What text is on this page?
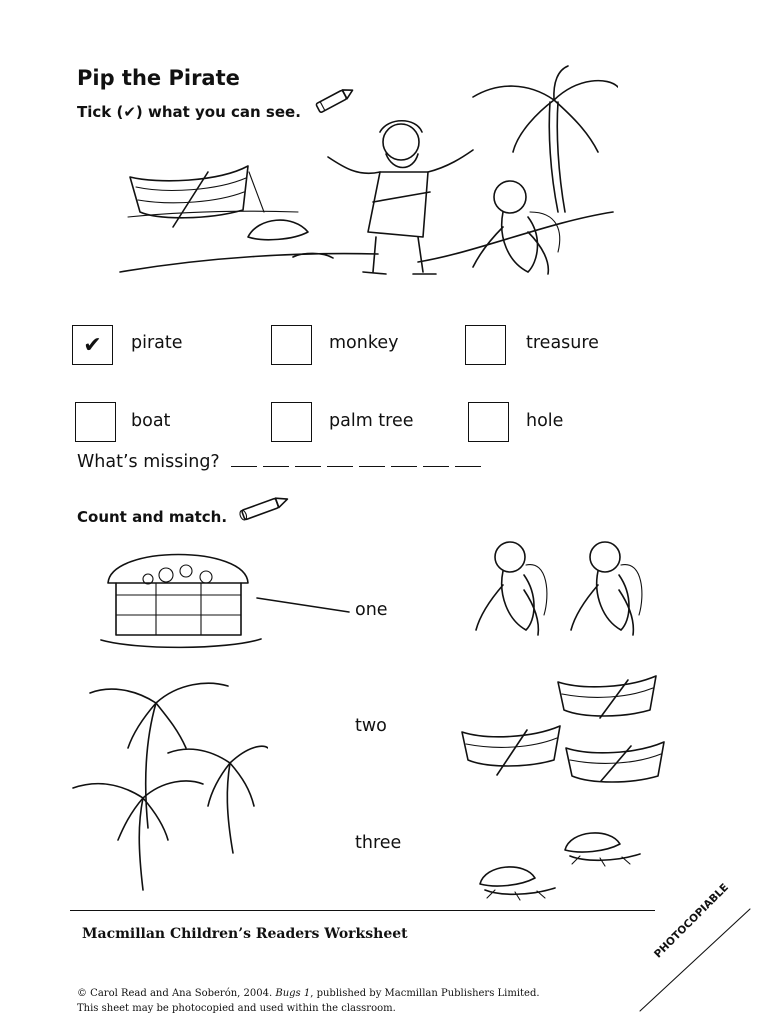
Pip the Pirate
Tick (✔) what you can see.
✔	pirate	monkey	treasure
boat	palm tree	hole
What’s missing?
Count and match.
one
two
three
Macmillan Children’s Readers Worksheet
© Carol Read and Ana Soberón, 2004. Bugs 1, published by Macmillan Publishers Limited.
This sheet may be photocopied and used within the classroom.
PHOTOCOPIABLE
